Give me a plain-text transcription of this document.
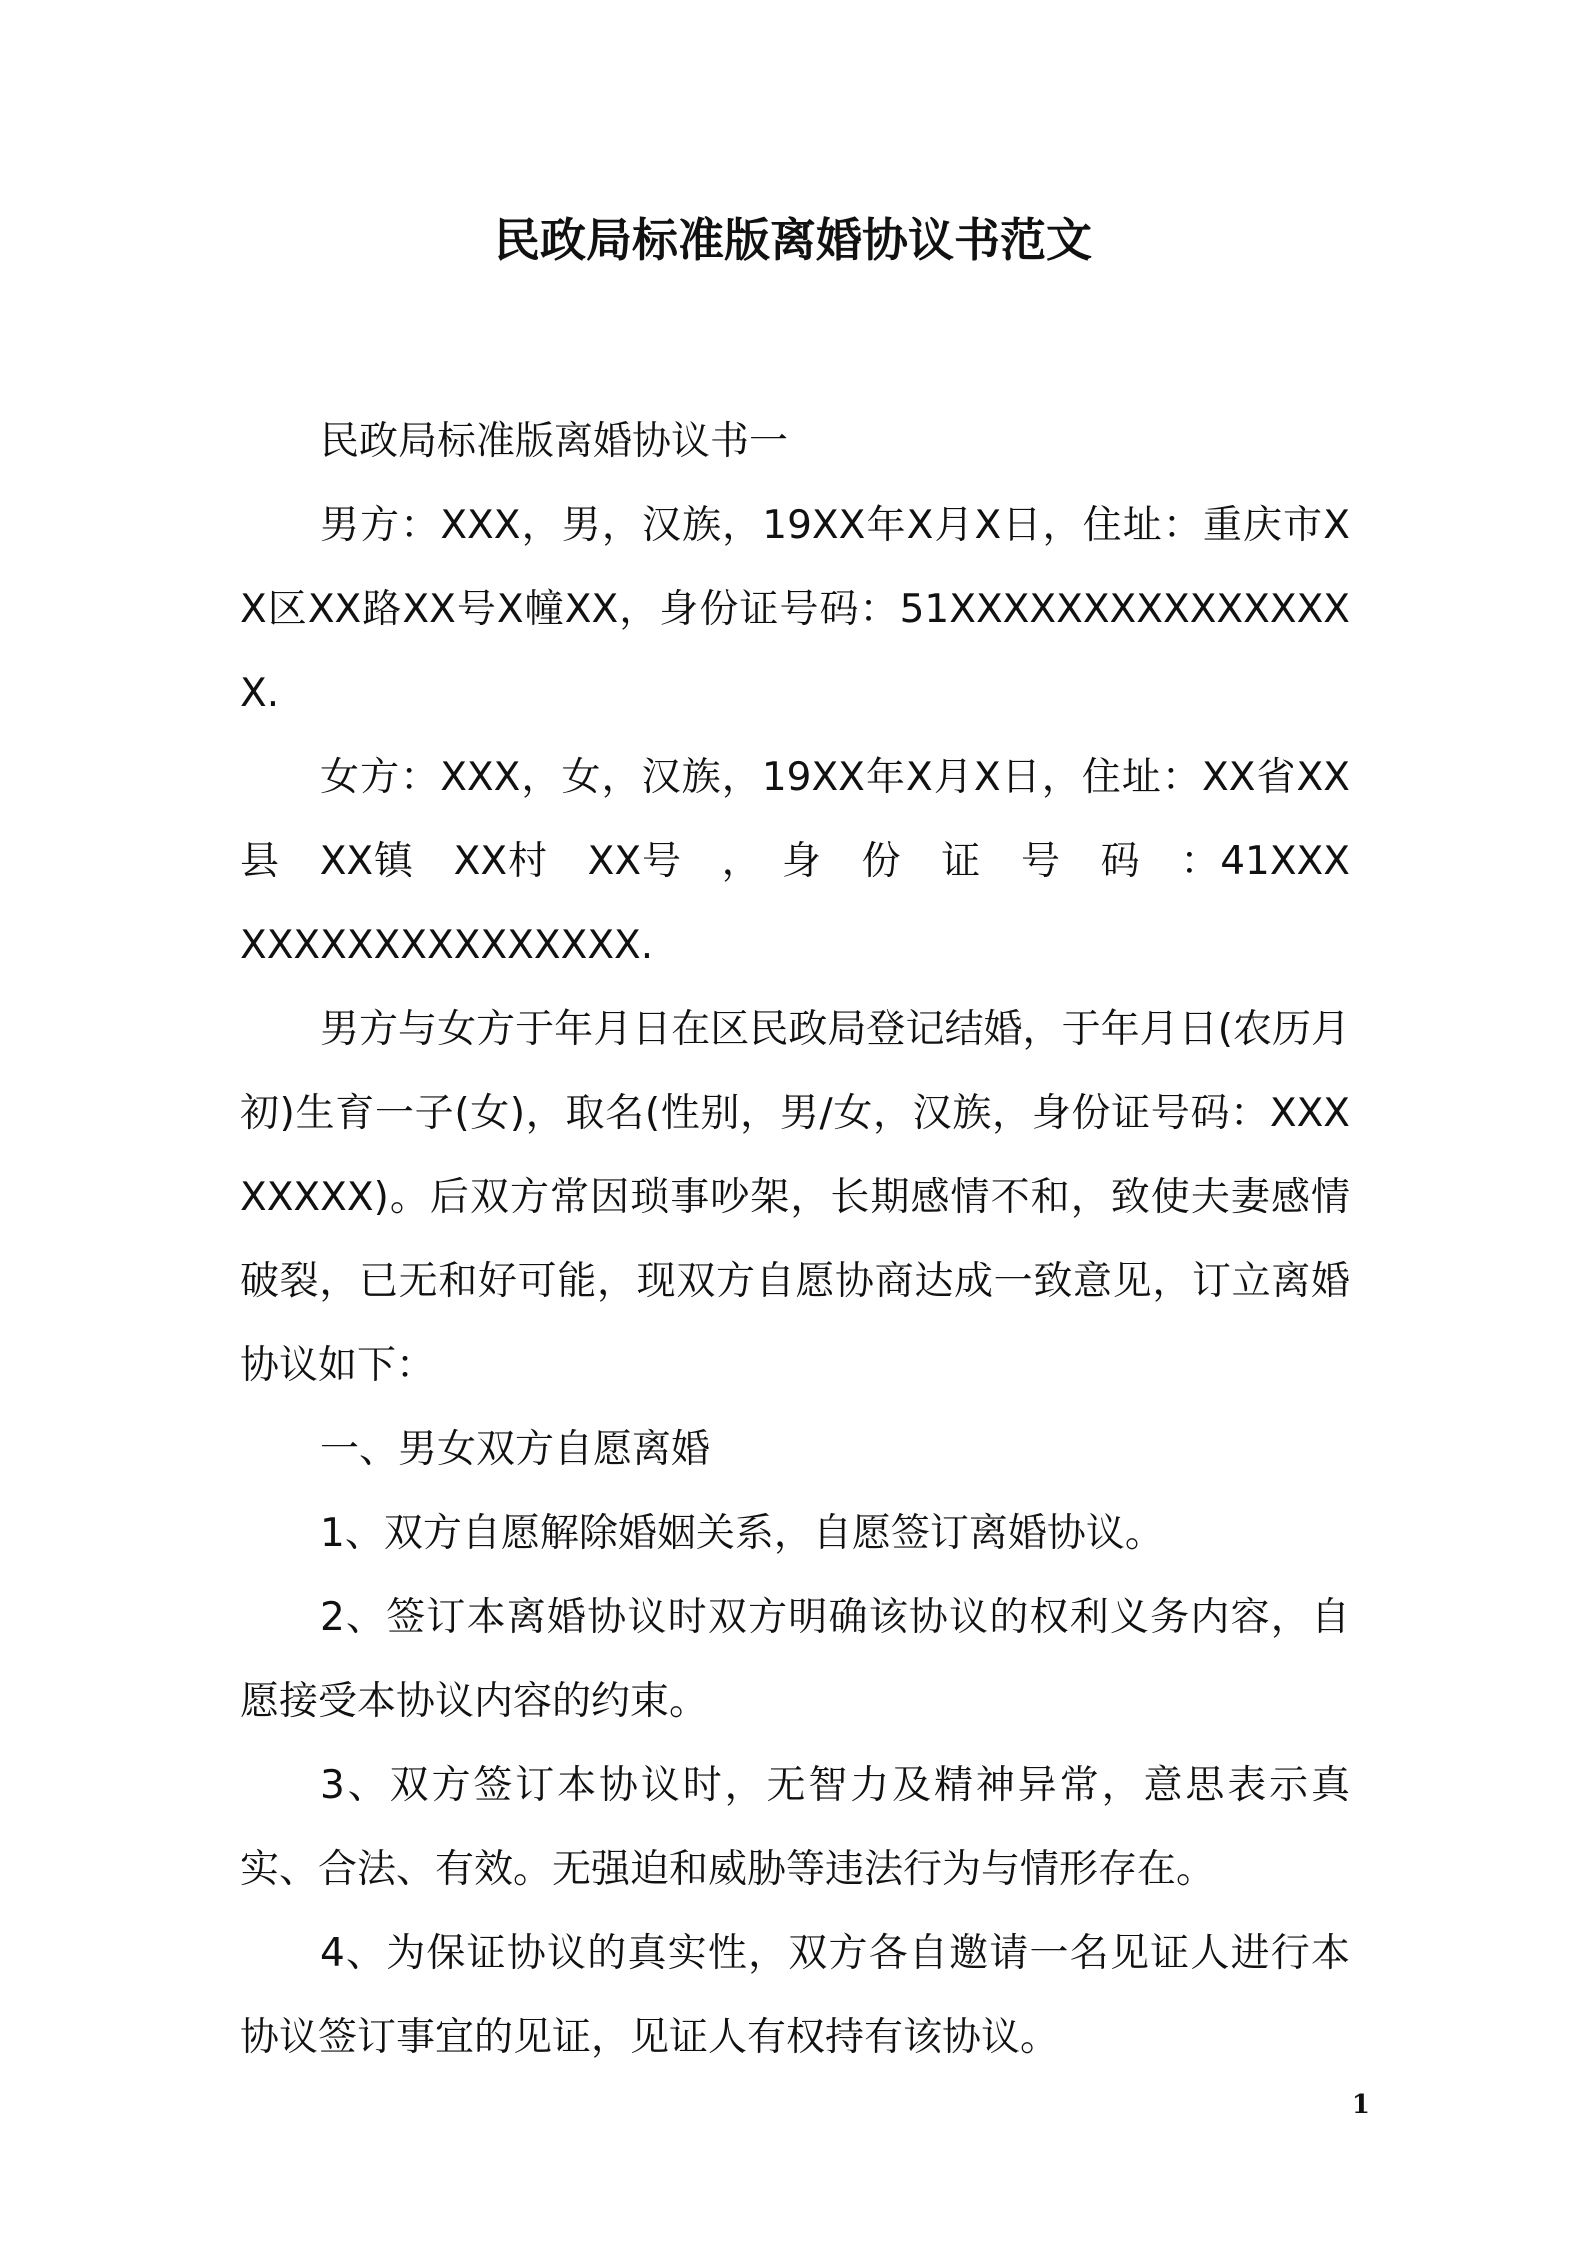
民政局标准版离婚协议书范文

民政局标准版离婚协议书一

男方：XXX，男，汉族，19XX年X月X日，住址：重庆市XX区XX路XX号X幢XX，身份证号码：51XXXXXXXXXXXXXXXX.

女方：XXX，女，汉族，19XX年X月X日，住址：XX省XX县　XX镇　XX村　XX号　，　身　份　证　号　码　：41XXXXXXXXXXXXXXXXXX.

男方与女方于年月日在区民政局登记结婚，于年月日(农历月初)生育一子(女)，取名(性别，男/女，汉族，身份证号码：XXXXXXXX)。后双方常因琐事吵架，长期感情不和，致使夫妻感情破裂，已无和好可能，现双方自愿协商达成一致意见，订立离婚协议如下：

一、男女双方自愿离婚

1、双方自愿解除婚姻关系，自愿签订离婚协议。

2、签订本离婚协议时双方明确该协议的权利义务内容，自愿接受本协议内容的约束。

3、双方签订本协议时，无智力及精神异常，意思表示真实、合法、有效。无强迫和威胁等违法行为与情形存在。

4、为保证协议的真实性，双方各自邀请一名见证人进行本协议签订事宜的见证，见证人有权持有该协议。

1
